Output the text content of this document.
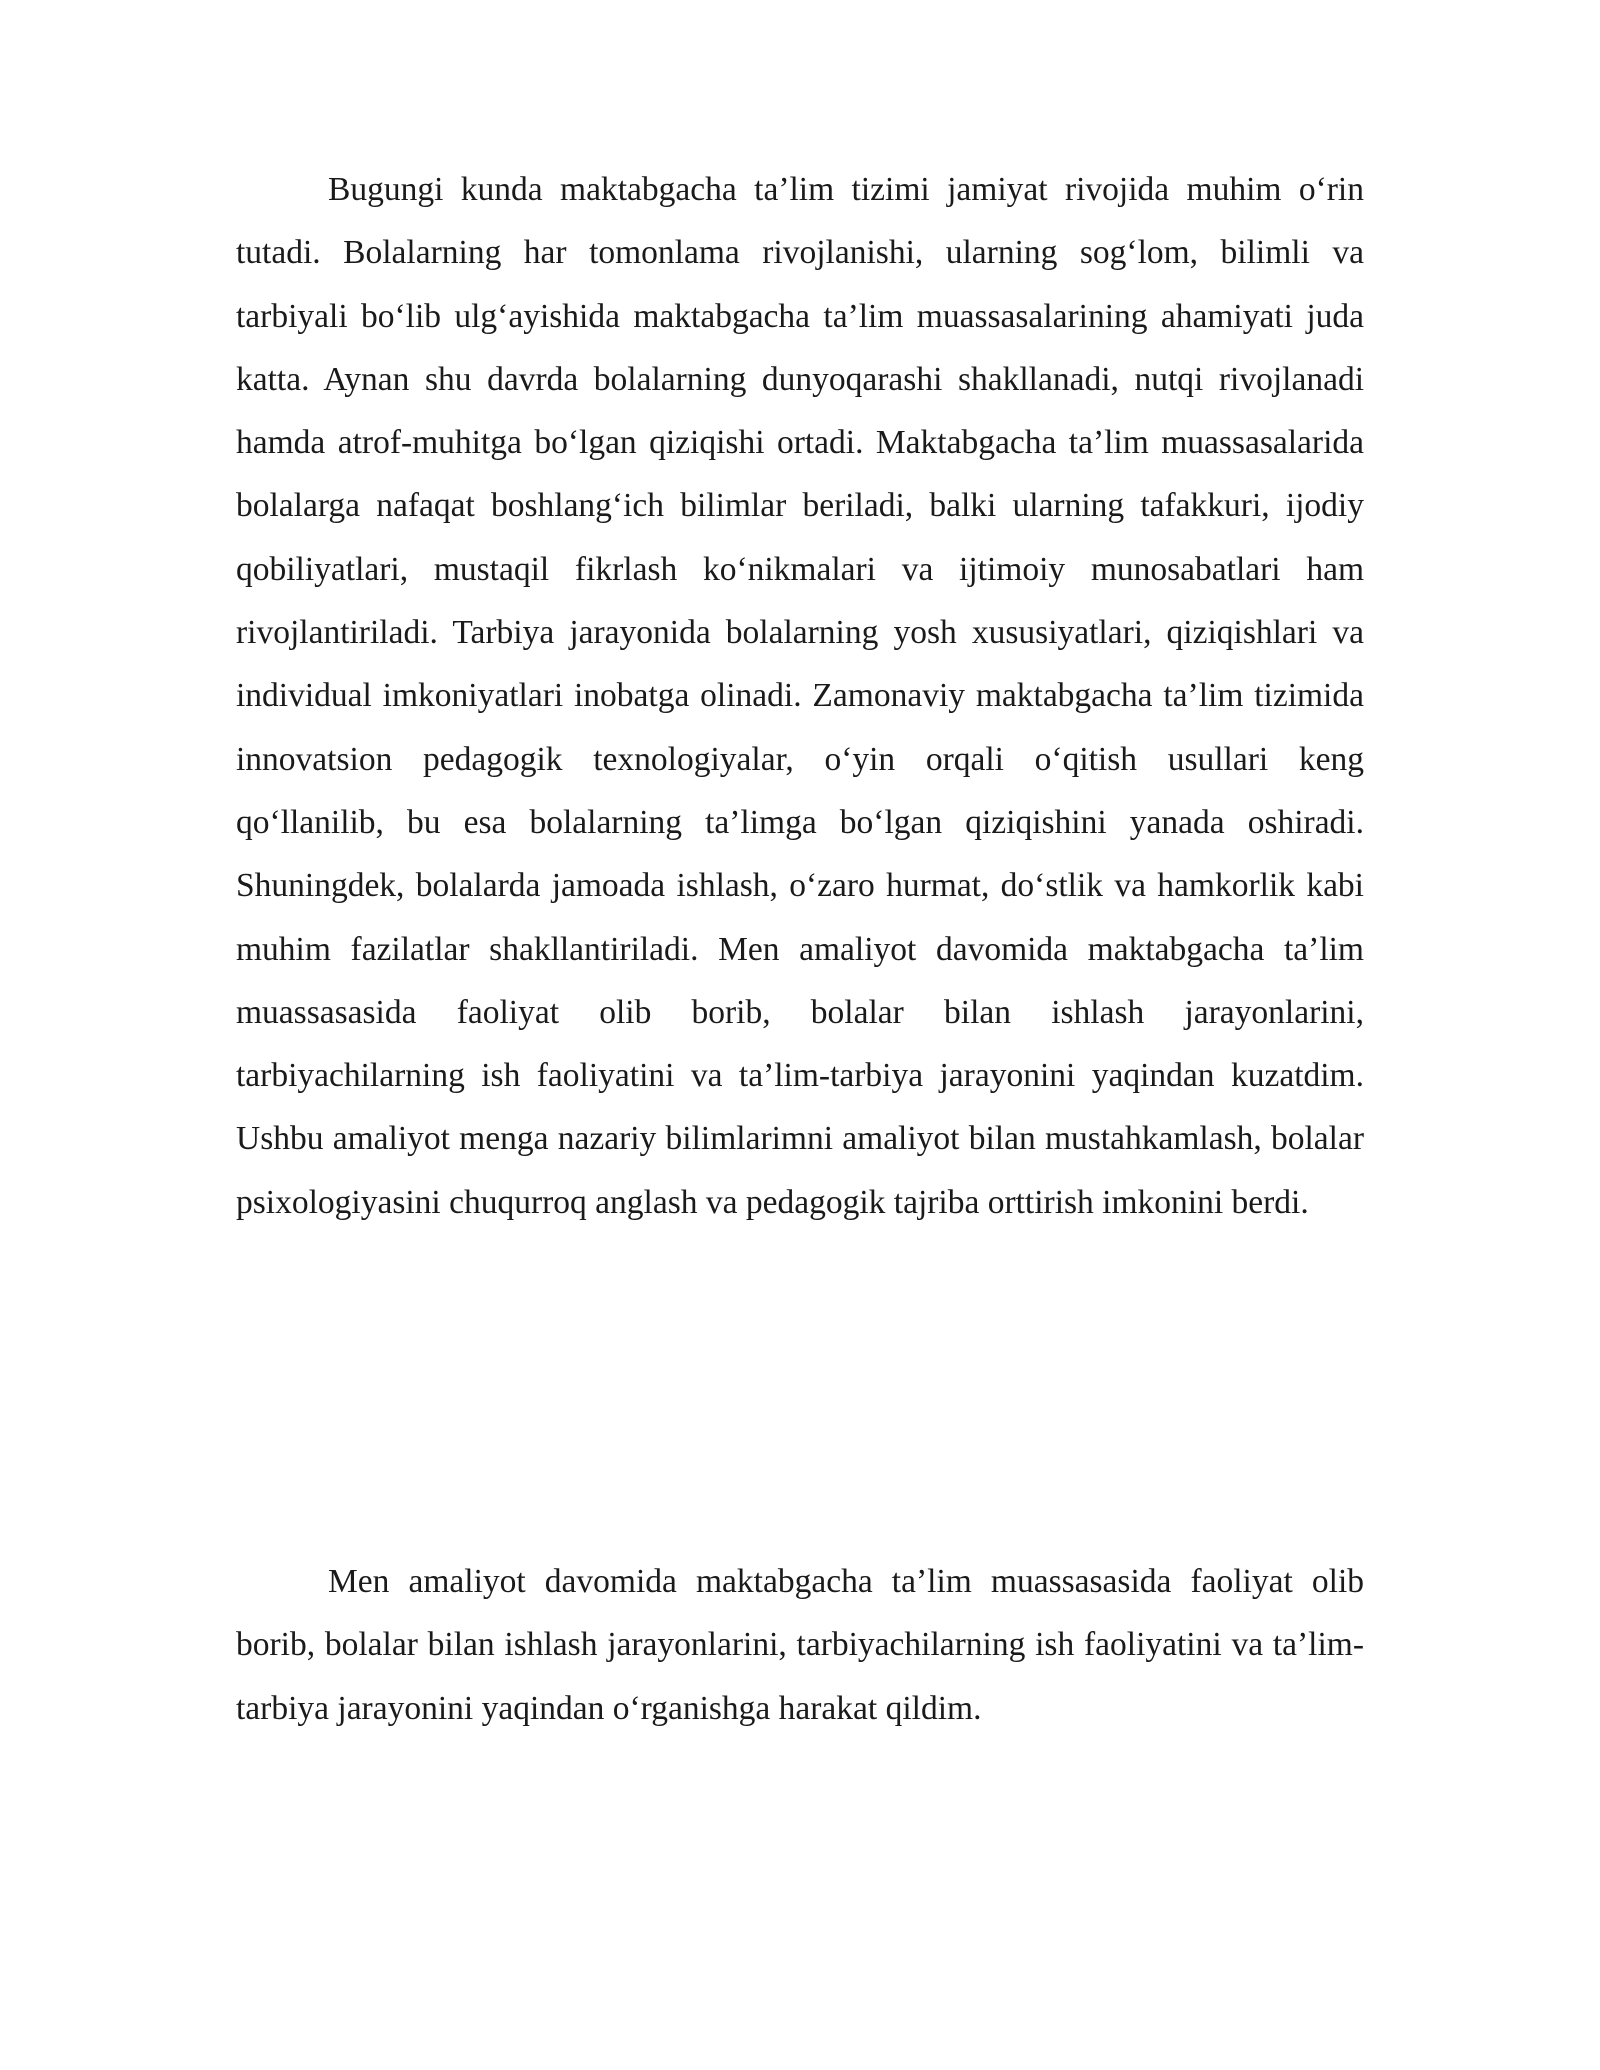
Bugungi kunda maktabgacha ta’lim tizimi jamiyat rivojida muhim o‘rin tutadi. Bolalarning har tomonlama rivojlanishi, ularning sog‘lom, bilimli va tarbiyali bo‘lib ulg‘ayishida maktabgacha ta’lim muassasalarining ahamiyati juda katta. Aynan shu davrda bolalarning dunyoqarashi shakllanadi, nutqi rivojlanadi hamda atrof-muhitga bo‘lgan qiziqishi ortadi. Maktabgacha ta’lim muassasalarida bolalarga nafaqat boshlang‘ich bilimlar beriladi, balki ularning tafakkuri, ijodiy qobiliyatlari, mustaqil fikrlash ko‘nikmalari va ijtimoiy munosabatlari ham rivojlantiriladi. Tarbiya jarayonida bolalarning yosh xususiyatlari, qiziqishlari va individual imkoniyatlari inobatga olinadi. Zamonaviy maktabgacha ta’lim tizimida innovatsion pedagogik texnologiyalar, o‘yin orqali o‘qitish usullari keng qo‘llanilib, bu esa bolalarning ta’limga bo‘lgan qiziqishini yanada oshiradi. Shuningdek, bolalarda jamoada ishlash, o‘zaro hurmat, do‘stlik va hamkorlik kabi muhim fazilatlar shakllantiriladi. Men amaliyot davomida maktabgacha ta’lim muassasasida faoliyat olib borib, bolalar bilan ishlash jarayonlarini, tarbiyachilarning ish faoliyatini va ta’lim-tarbiya jarayonini yaqindan kuzatdim. Ushbu amaliyot menga nazariy bilimlarimni amaliyot bilan mustahkamlash, bolalar psixologiyasini chuqurroq anglash va pedagogik tajriba orttirish imkonini berdi.

Men amaliyot davomida maktabgacha ta’lim muassasasida faoliyat olib borib, bolalar bilan ishlash jarayonlarini, tarbiyachilarning ish faoliyatini va ta’lim-tarbiya jarayonini yaqindan o‘rganishga harakat qildim.
